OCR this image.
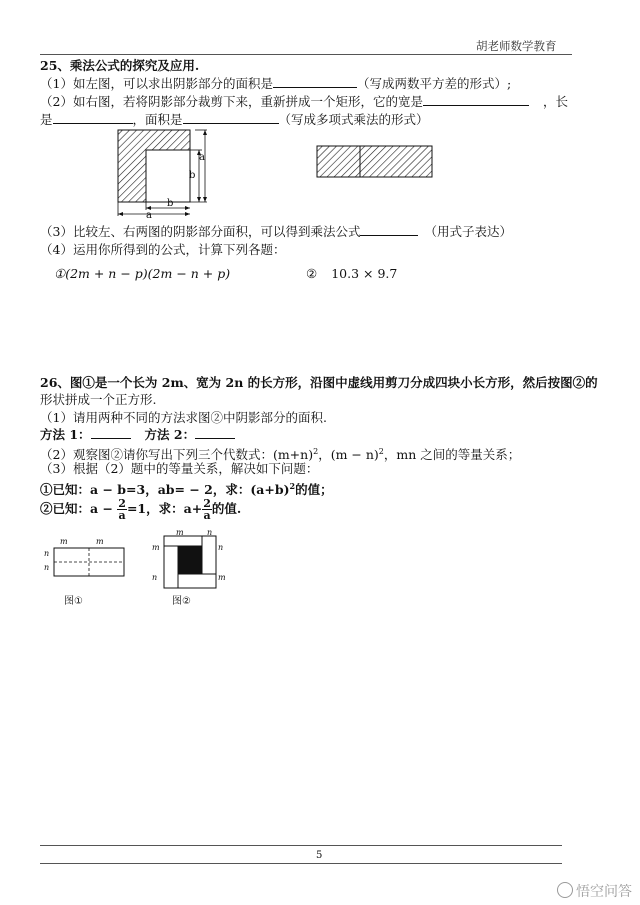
胡老师数学教育
25、乘法公式的探究及应用.
（1）如左图，可以求出阴影部分的面积是	（写成两数平方差的形式）;
（2）如右图，若将阴影部分裁剪下来，重新拼成一个矩形，它的宽是	，长
是	，面积是	（写成多项式乘法的形式）
a
b
b
a
（3）比较左、右两图的阴影部分面积，可以得到乘法公式	（用式子表达）
（4）运用你所得到的公式，计算下列各题：
①(2m + n − p)(2m − n + p)	② 10.3 × 9.7
26、图①是一个长为 2m、宽为 2n 的长方形，沿图中虚线用剪刀分成四块小长方形，然后按图②的
形状拼成一个正方形.
（1）请用两种不同的方法求图②中阴影部分的面积.
方法 1：	方法 2：
（2）观察图②请你写出下列三个代数式：$(m+n)^2$，$(m - n)^2$，mn 之间的等量关系；
（3）根据（2）题中的等量关系，解决如下问题：
①已知：a − b=3，ab= − 2，求：$(a+b)^2$的值；
②已知：$a - \frac{2}{a} =1$，求：$a+ \frac{2}{a}$ 的值.
m	m
n
n
图①
m	n
m	n
n	m
图②
5
悟空问答
